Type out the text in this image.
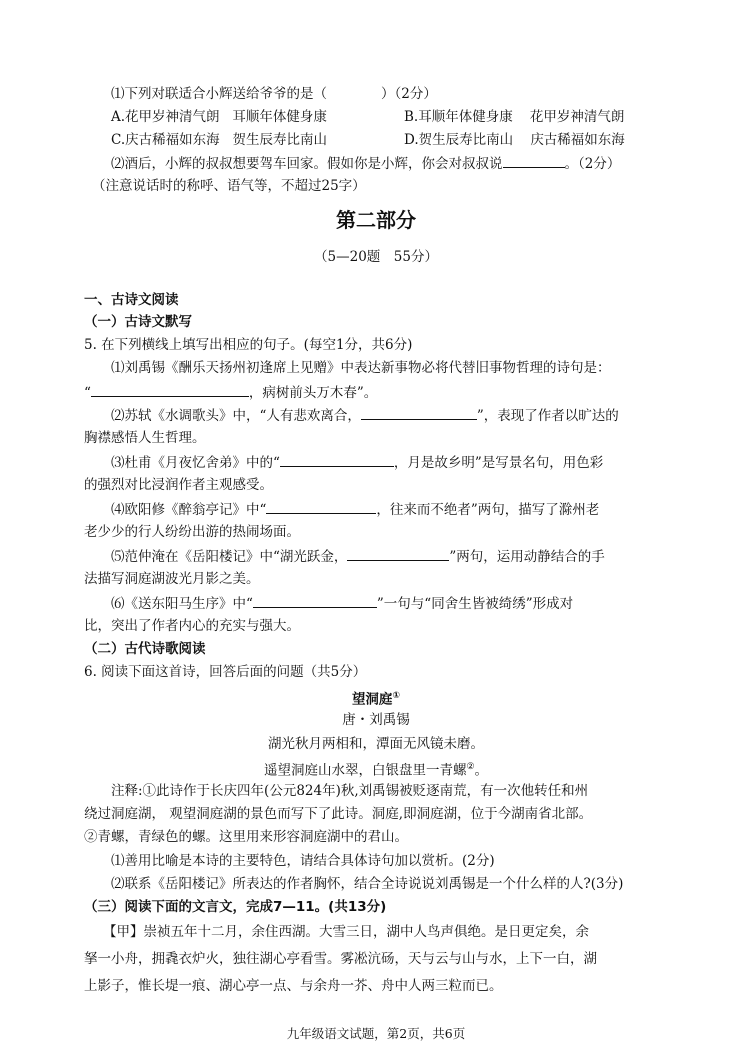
⑴下列对联适合小辉送给爷爷的是（　　　　）（2分）
A.花甲岁神清气朗 耳顺年体健身康	B.耳顺年体健身康 花甲岁神清气朗
C.庆古稀福如东海 贺生辰寿比南山	D.贺生辰寿比南山 庆古稀福如东海
⑵酒后，小辉的叔叔想要驾车回家。假如你是小辉，你会对叔叔说	。（2分）
（注意说话时的称呼、语气等，不超过25字）
第二部分
（5—20题　55分）
一、古诗文阅读
（一）古诗文默写
5. 在下列横线上填写出相应的句子。(每空1分，共6分)
⑴刘禹锡《酬乐天扬州初逢席上见赠》中表达新事物必将代替旧事物哲理的诗句是：
“	，病树前头万木春”。
⑵苏轼《水调歌头》中，“人有悲欢离合，	”，表现了作者以旷达的
胸襟感悟人生哲理。
⑶杜甫《月夜忆舍弟》中的“	，月是故乡明”是写景名句，用色彩
的强烈对比浸润作者主观感受。
⑷欧阳修《醉翁亭记》中“	，往来而不绝者”两句，描写了滁州老
老少少的行人纷纷出游的热闹场面。
⑸范仲淹在《岳阳楼记》中“湖光跃金，	”两句，运用动静结合的手
法描写洞庭湖波光月影之美。
⑹《送东阳马生序》中“	”一句与“同舍生皆被绮绣”形成对
比，突出了作者内心的充实与强大。
（二）古代诗歌阅读
6. 阅读下面这首诗，回答后面的问题（共5分）
望洞庭①
唐・刘禹锡
湖光秋月两相和，潭面无风镜未磨。
遥望洞庭山水翠，白银盘里一青螺②。
注释:①此诗作于长庆四年(公元824年)秋,刘禹锡被贬逐南荒，有一次他转任和州
绕过洞庭湖， 观望洞庭湖的景色而写下了此诗。洞庭,即洞庭湖，位于今湖南省北部。
②青螺，青绿色的螺。这里用来形容洞庭湖中的君山。
⑴善用比喻是本诗的主要特色，请结合具体诗句加以赏析。(2分)
⑵联系《岳阳楼记》所表达的作者胸怀，结合全诗说说刘禹锡是一个什么样的人?(3分)
（三）阅读下面的文言文，完成7—11。(共13分)
【甲】崇祯五年十二月，余住西湖。大雪三日，湖中人鸟声俱绝。是日更定矣，余
拏一小舟，拥毳衣炉火，独往湖心亭看雪。雾凇沆砀，天与云与山与水，上下一白，湖
上影子，惟长堤一痕、湖心亭一点、与余舟一芥、舟中人两三粒而已。
九年级语文试题，第2页，共6页
